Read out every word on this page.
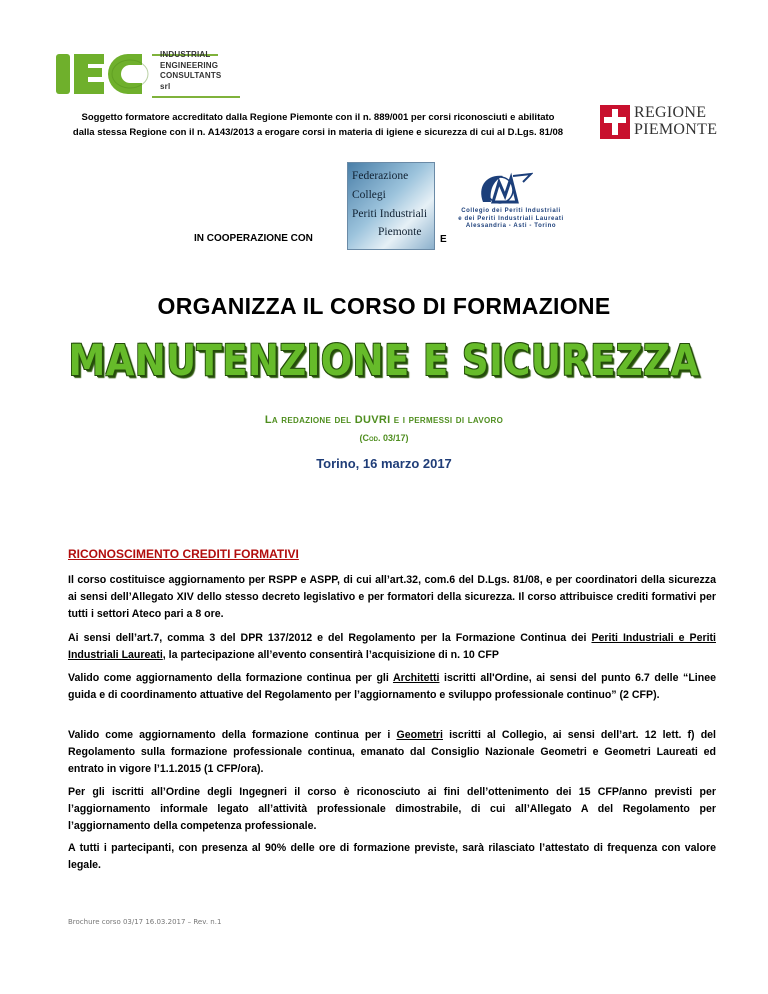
INDUSTRIAL
ENGINEERING
CONSULTANTS srl
Soggetto formatore accreditato dalla Regione Piemonte con il n. 889/001 per corsi riconosciuti e abilitato
dalla stessa Regione con il n. A143/2013 a erogare corsi in materia di igiene e sicurezza di cui al D.Lgs. 81/08
REGIONE
PIEMONTE
IN COOPERAZIONE CON
Federazione
Collegi
Periti Industriali
Piemonte
E
Collegio dei Periti Industriali
e dei Periti Industriali Laureati
Alessandria - Asti - Torino
ORGANIZZA IL CORSO DI FORMAZIONE
MANUTENZIONE E SICUREZZA
La redazione del DUVRI e i permessi di lavoro
(Cod. 03/17)
Torino, 16 marzo 2017
RICONOSCIMENTO CREDITI FORMATIVI
Il corso costituisce aggiornamento per RSPP e ASPP, di cui all’art.32, com.6 del D.Lgs. 81/08, e per coordinatori della sicurezza ai sensi dell’Allegato XIV dello stesso decreto legislativo e per formatori della sicurezza. Il corso attribuisce crediti formativi per tutti i settori Ateco pari a 8 ore.
Ai sensi dell’art.7, comma 3 del DPR 137/2012 e del Regolamento per la Formazione Continua dei Periti Industriali e Periti Industriali Laureati, la partecipazione all’evento consentirà l’acquisizione di n. 10 CFP
Valido come aggiornamento della formazione continua per gli Architetti iscritti all'Ordine, ai sensi del punto 6.7 delle “Linee guida e di coordinamento attuative del Regolamento per l’aggiornamento e sviluppo professionale continuo” (2 CFP).
Valido come aggiornamento della formazione continua per i Geometri iscritti al Collegio, ai sensi dell’art. 12 lett. f) del Regolamento sulla formazione professionale continua, emanato dal Consiglio Nazionale Geometri e Geometri Laureati ed entrato in vigore l’1.1.2015 (1 CFP/ora).
Per gli iscritti all’Ordine degli Ingegneri il corso è riconosciuto ai fini dell’ottenimento dei 15 CFP/anno previsti per l’aggiornamento informale legato all’attività professionale dimostrabile, di cui all’Allegato A del Regolamento per l’aggiornamento della competenza professionale.
A tutti i partecipanti, con presenza al 90% delle ore di formazione previste, sarà rilasciato l’attestato di frequenza con valore legale.
Brochure corso 03/17 16.03.2017 – Rev. n.1
